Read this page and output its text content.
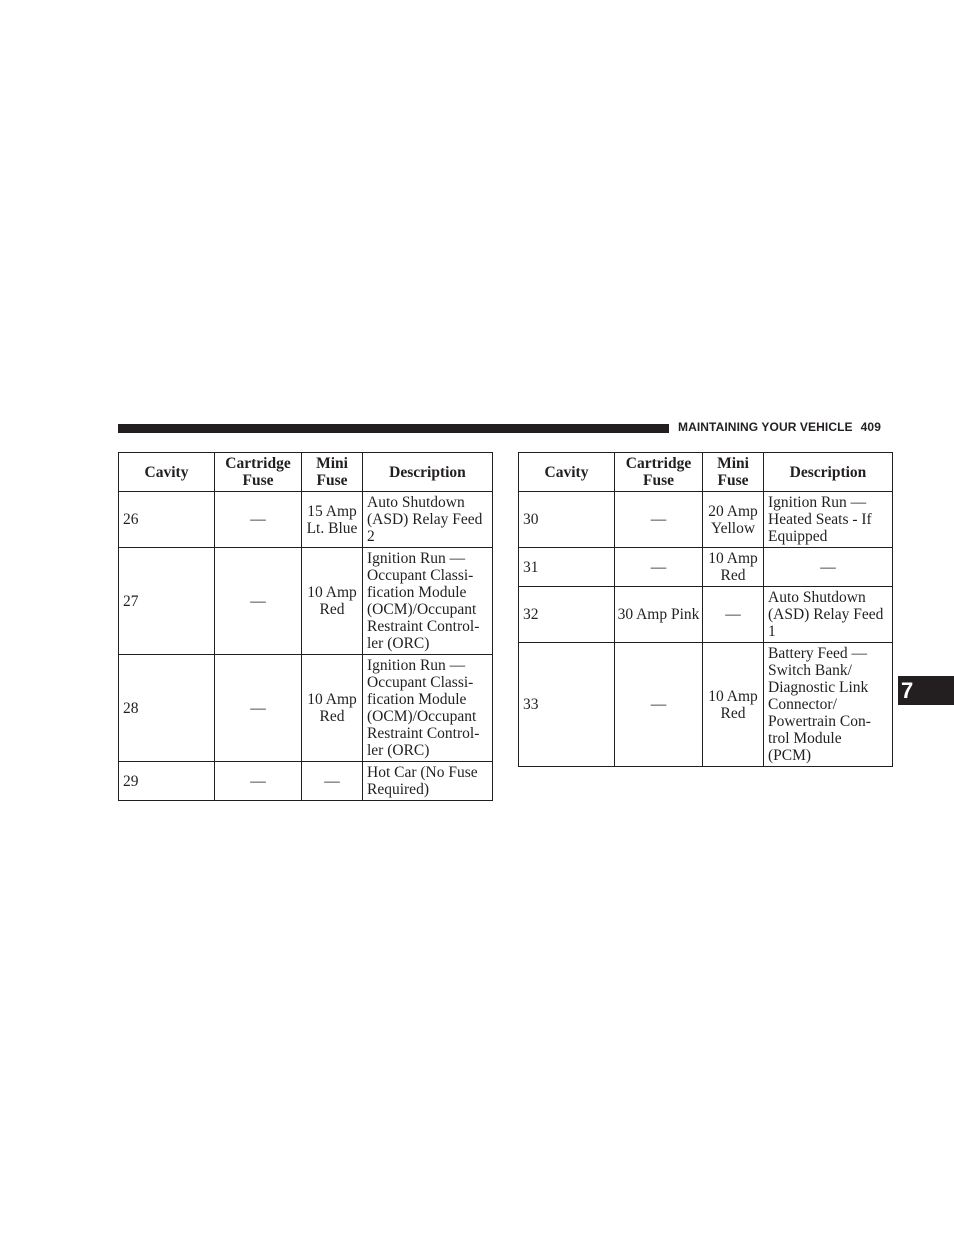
MAINTAINING YOUR VEHICLE 409
7
Cavity	Cartridge Fuse	Mini Fuse	Description
26	—	15 Amp Lt. Blue	Auto Shutdown (ASD) Relay Feed 2
27	—	10 Amp Red	Ignition Run — Occupant Classi-fication Module (OCM)/Occupant Restraint Control-ler (ORC)
28	—	10 Amp Red	Ignition Run — Occupant Classi-fication Module (OCM)/Occupant Restraint Control-ler (ORC)
29	—	—	Hot Car (No Fuse Required)
Cavity	Cartridge Fuse	Mini Fuse	Description
30	—	20 Amp Yellow	Ignition Run — Heated Seats - If Equipped
31	—	10 Amp Red	—
32	30 Amp Pink	—	Auto Shutdown (ASD) Relay Feed 1
33	—	10 Amp Red	Battery Feed — Switch Bank/ Diagnostic Link Connector/ Powertrain Con-trol Module (PCM)
